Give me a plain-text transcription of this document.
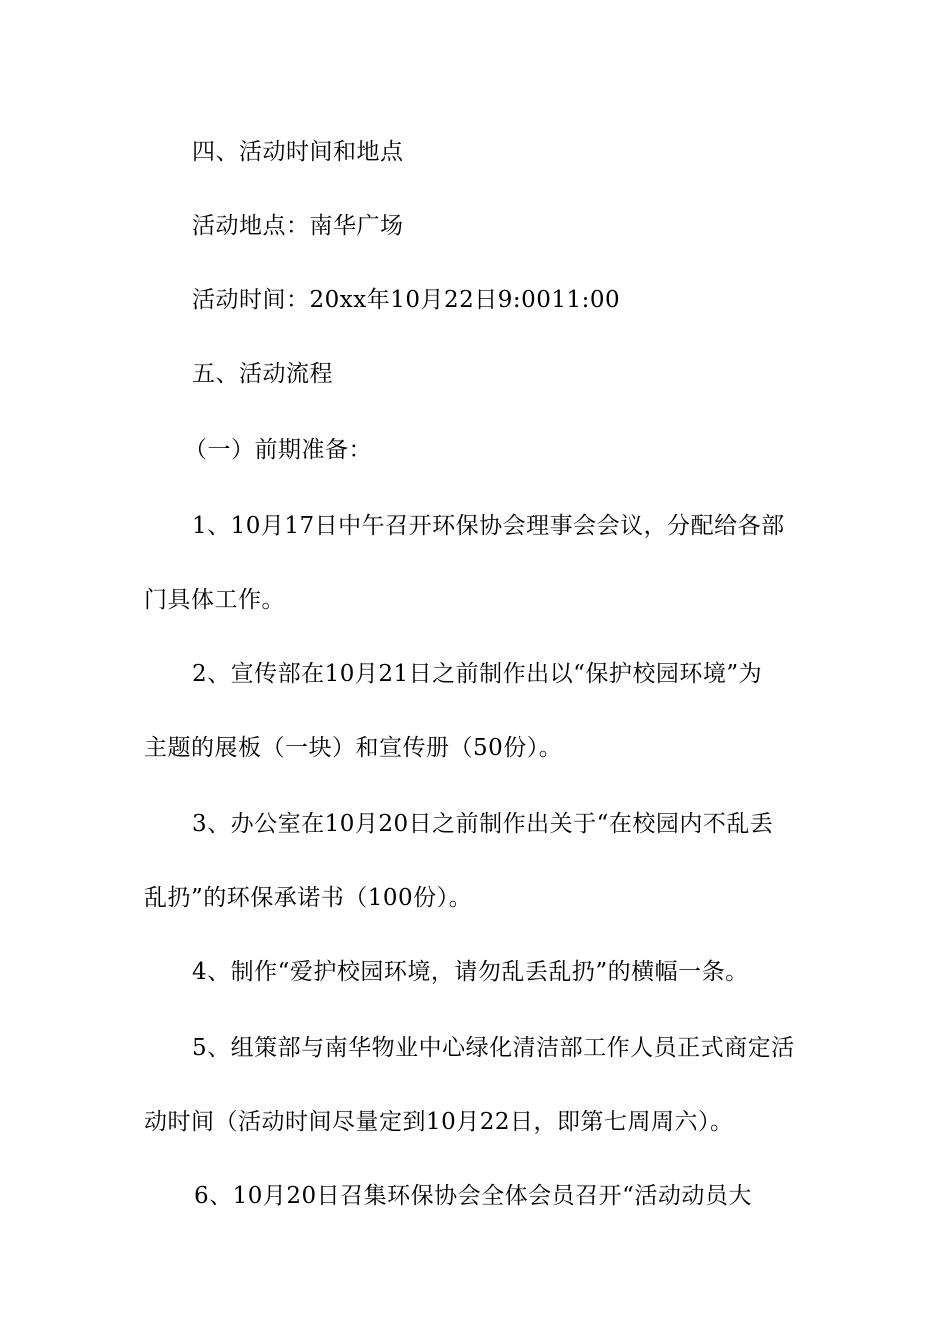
四、活动时间和地点
活动地点：南华广场
活动时间：20xx年10月22日9:0011:00
五、活动流程
（一）前期准备：
1、10月17日中午召开环保协会理事会会议，分配给各部
门具体工作。
2、宣传部在10月21日之前制作出以“保护校园环境”为
主题的展板（一块）和宣传册（50份）。
3、办公室在10月20日之前制作出关于“在校园内不乱丢
乱扔”的环保承诺书（100份）。
4、制作“爱护校园环境，请勿乱丢乱扔”的横幅一条。
5、组策部与南华物业中心绿化清洁部工作人员正式商定活
动时间（活动时间尽量定到10月22日，即第七周周六）。
6、10月20日召集环保协会全体会员召开“活动动员大
